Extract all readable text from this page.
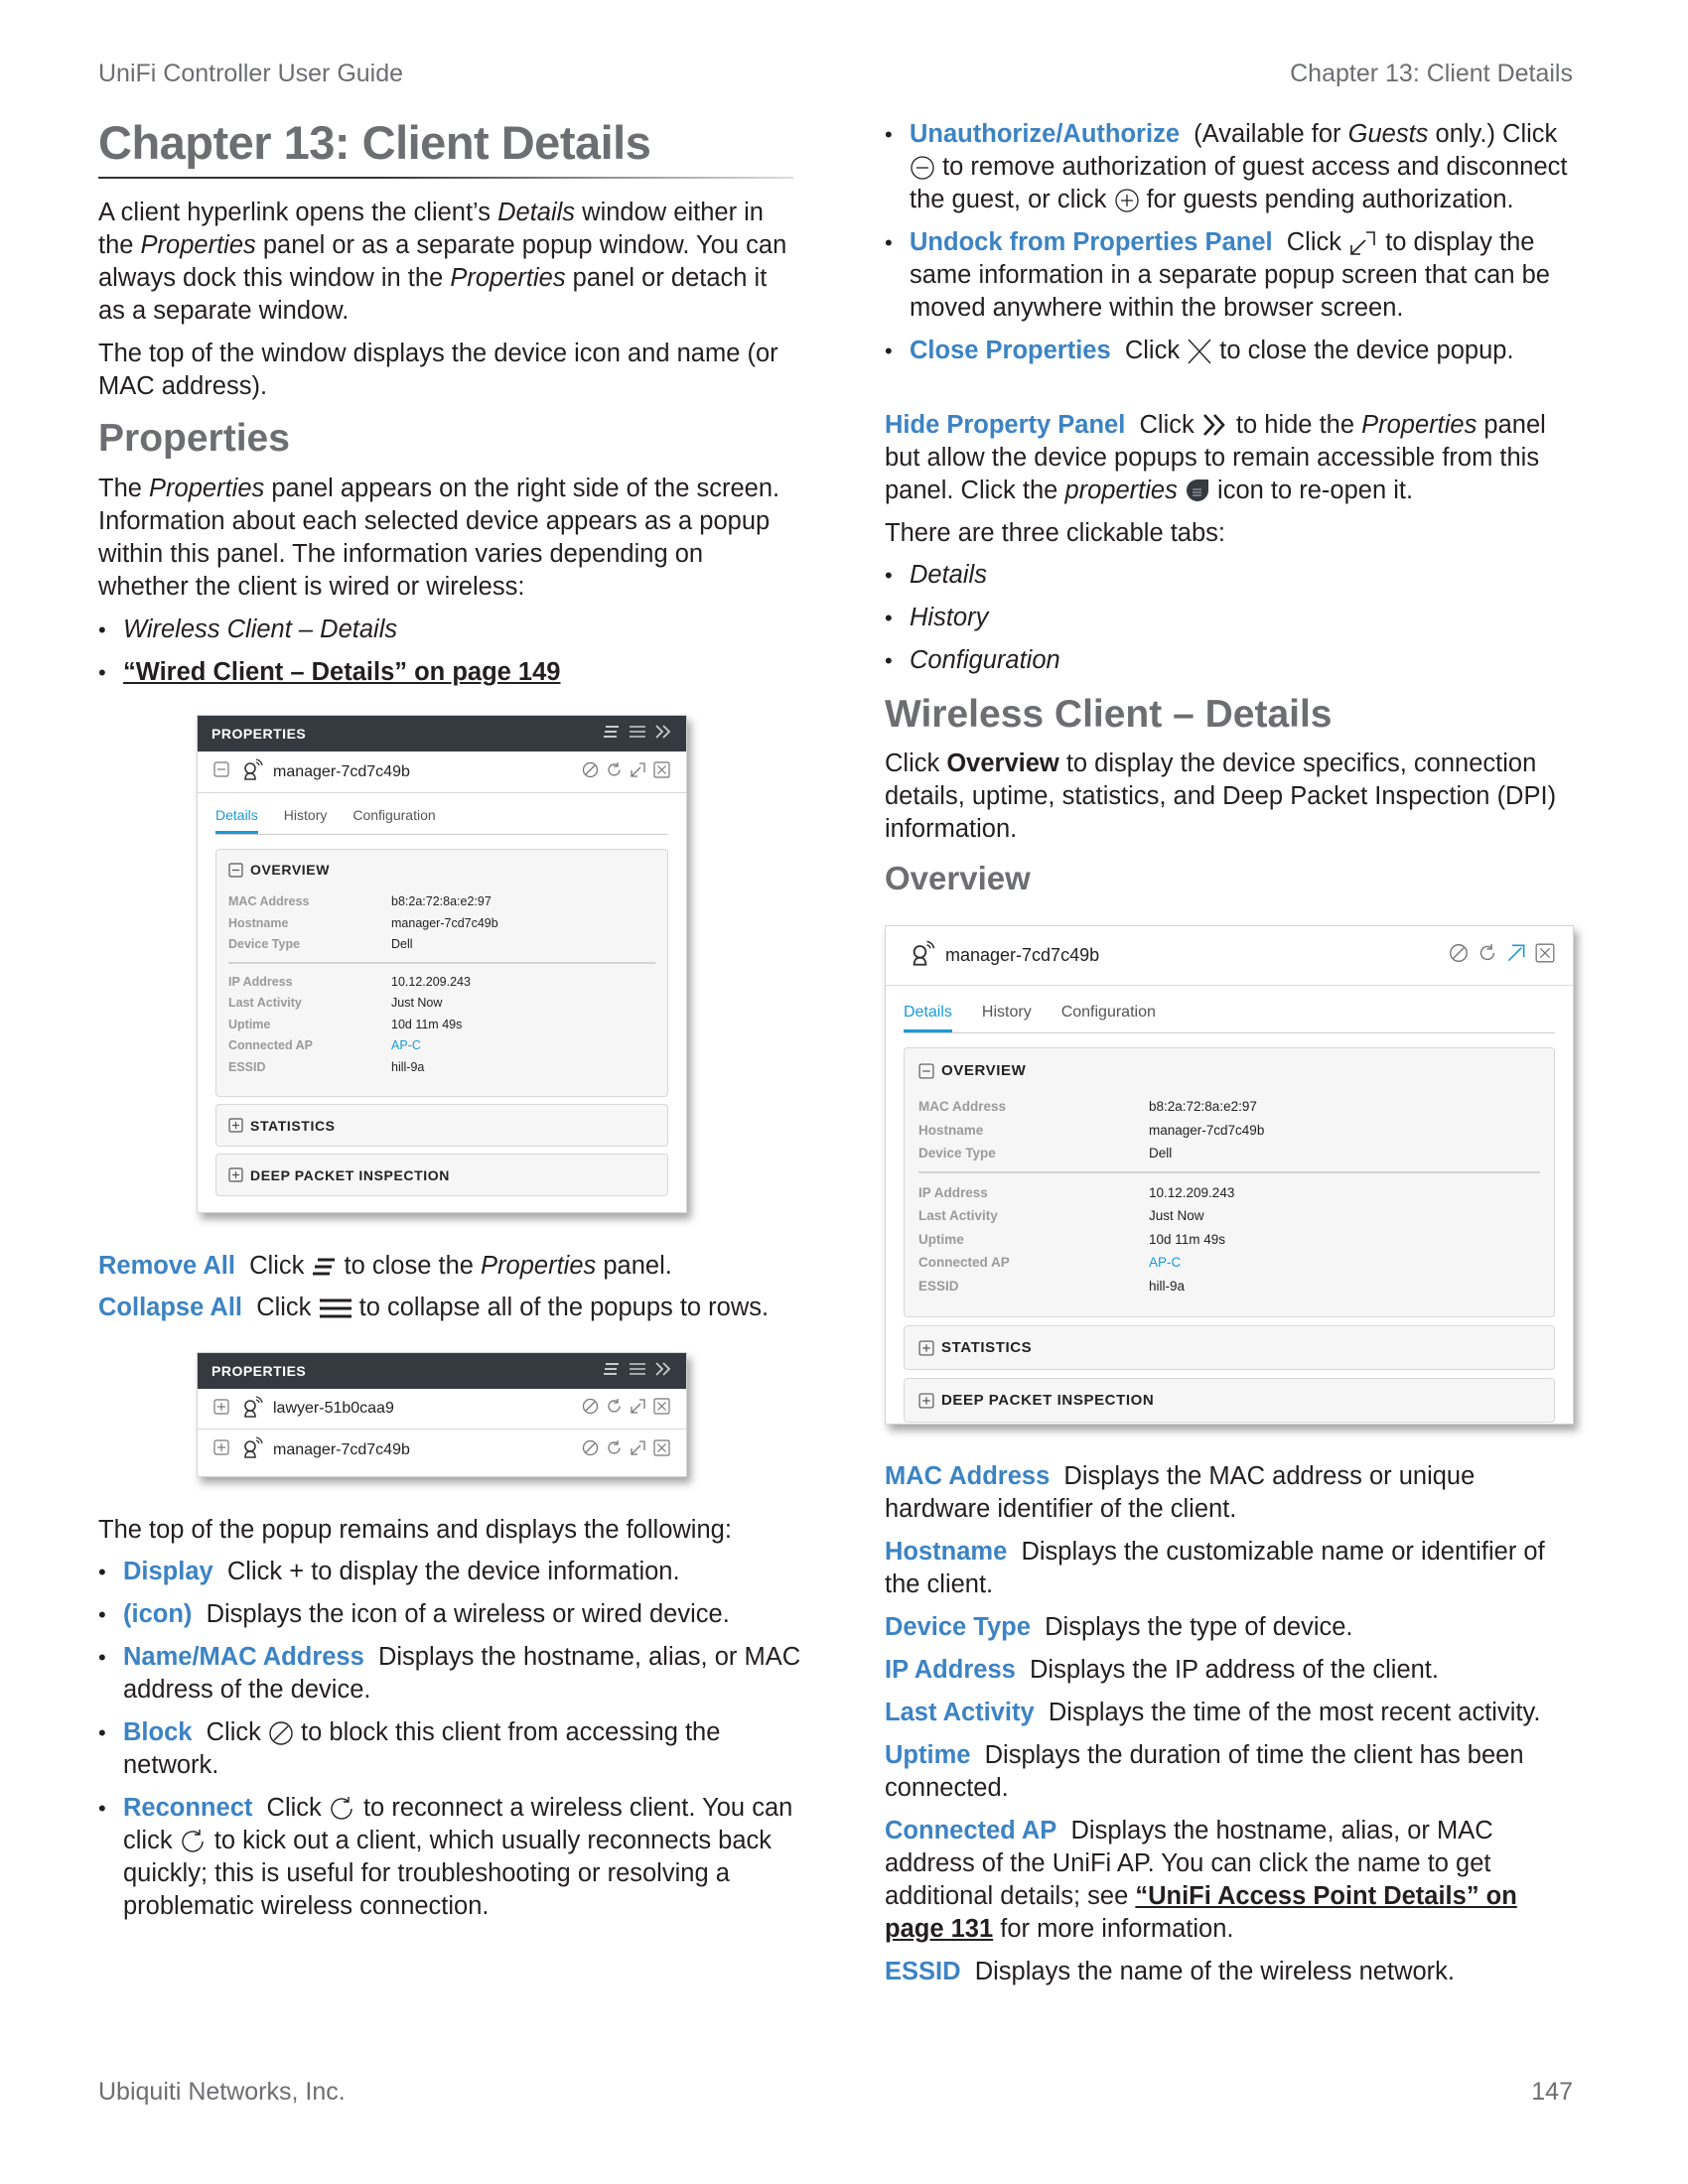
UniFi Controller User Guide	Chapter 13: Client Details
Ubiquiti Networks, Inc.	147
Chapter 13: Client Details
A client hyperlink opens the client’s Details window either in the Properties panel or as a separate popup window. You can always dock this window in the Properties panel or detach it as a separate window.
The top of the window displays the device icon and name (or MAC address).
Properties
The Properties panel appears on the right side of the screen. Information about each selected device appears as a popup within this panel. The information varies depending on whether the client is wired or wireless:
• Wireless Client – Details
• “Wired Client – Details” on page 149
PROPERTIES
manager-7cd7c49b
Details History Configuration
OVERVIEW
MAC Address	b8:2a:72:8a:e2:97
Hostname	manager-7cd7c49b
Device Type	Dell
IP Address	10.12.209.243
Last Activity	Just Now
Uptime	10d 11m 49s
Connected AP	AP-C
ESSID	hill-9a
STATISTICS
DEEP PACKET INSPECTION
Remove All Click
to close the Properties panel.
Collapse All Click
to collapse all of the popups to rows.
PROPERTIES
lawyer-51b0caa9
manager-7cd7c49b
The top of the popup remains and displays the following:
• Display Click + to display the device information.
• (icon) Displays the icon of a wireless or wired device.
• Name/MAC Address Displays the hostname, alias, or MAC address of the device.
• Block Click
to block this client from accessing the network.
• Reconnect Click
to reconnect a wireless client. You can click
to kick out a client, which usually reconnects back quickly; this is useful for troubleshooting or resolving a problematic wireless connection.
• Unauthorize/Authorize (Available for Guests only.) Click
to remove authorization of guest access and disconnect the guest, or click
for guests pending authorization.
• Undock from Properties Panel Click
to display the same information in a separate popup screen that can be moved anywhere within the browser screen.
• Close Properties Click
to close the device popup.
Hide Property Panel Click
to hide the Properties panel but allow the device popups to remain accessible from this panel. Click the properties
icon to re-open it.
There are three clickable tabs:
• Details
• History
• Configuration
Wireless Client – Details
Click Overview to display the device specifics, connection details, uptime, statistics, and Deep Packet Inspection (DPI) information.
Overview
manager-7cd7c49b
Details History Configuration
OVERVIEW
MAC Address	b8:2a:72:8a:e2:97
Hostname	manager-7cd7c49b
Device Type	Dell
IP Address	10.12.209.243
Last Activity	Just Now
Uptime	10d 11m 49s
Connected AP	AP-C
ESSID	hill-9a
STATISTICS
DEEP PACKET INSPECTION
MAC Address Displays the MAC address or unique hardware identifier of the client.
Hostname Displays the customizable name or identifier of the client.
Device Type Displays the type of device.
IP Address Displays the IP address of the client.
Last Activity Displays the time of the most recent activity.
Uptime Displays the duration of time the client has been connected.
Connected AP Displays the hostname, alias, or MAC address of the UniFi AP. You can click the name to get additional details; see “UniFi Access Point Details” on page 131 for more information.
ESSID Displays the name of the wireless network.
